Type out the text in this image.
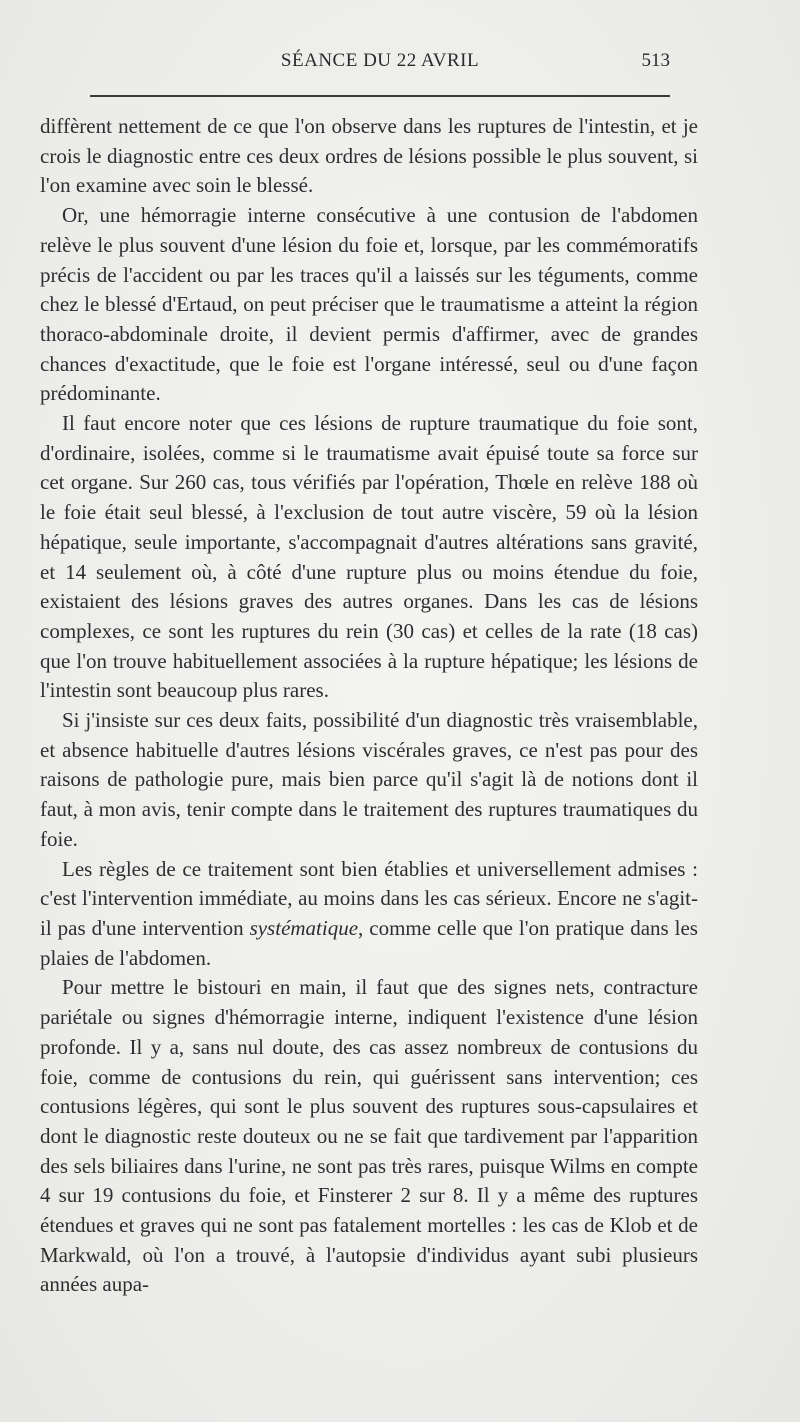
SÉANCE DU 22 AVRIL	513

diffèrent nettement de ce que l'on observe dans les ruptures de l'intestin, et je crois le diagnostic entre ces deux ordres de lésions possible le plus souvent, si l'on examine avec soin le blessé.

Or, une hémorragie interne consécutive à une contusion de l'abdomen relève le plus souvent d'une lésion du foie et, lorsque, par les commémoratifs précis de l'accident ou par les traces qu'il a laissés sur les téguments, comme chez le blessé d'Ertaud, on peut préciser que le traumatisme a atteint la région thoraco-abdominale droite, il devient permis d'affirmer, avec de grandes chances d'exactitude, que le foie est l'organe intéressé, seul ou d'une façon prédominante.

Il faut encore noter que ces lésions de rupture traumatique du foie sont, d'ordinaire, isolées, comme si le traumatisme avait épuisé toute sa force sur cet organe. Sur 260 cas, tous vérifiés par l'opération, Thœle en relève 188 où le foie était seul blessé, à l'exclusion de tout autre viscère, 59 où la lésion hépatique, seule importante, s'accompagnait d'autres altérations sans gravité, et 14 seulement où, à côté d'une rupture plus ou moins étendue du foie, existaient des lésions graves des autres organes. Dans les cas de lésions complexes, ce sont les ruptures du rein (30 cas) et celles de la rate (18 cas) que l'on trouve habituellement associées à la rupture hépatique; les lésions de l'intestin sont beaucoup plus rares.

Si j'insiste sur ces deux faits, possibilité d'un diagnostic très vraisemblable, et absence habituelle d'autres lésions viscérales graves, ce n'est pas pour des raisons de pathologie pure, mais bien parce qu'il s'agit là de notions dont il faut, à mon avis, tenir compte dans le traitement des ruptures traumatiques du foie.

Les règles de ce traitement sont bien établies et universellement admises : c'est l'intervention immédiate, au moins dans les cas sérieux. Encore ne s'agit-il pas d'une intervention systématique, comme celle que l'on pratique dans les plaies de l'abdomen.

Pour mettre le bistouri en main, il faut que des signes nets, contracture pariétale ou signes d'hémorragie interne, indiquent l'existence d'une lésion profonde. Il y a, sans nul doute, des cas assez nombreux de contusions du foie, comme de contusions du rein, qui guérissent sans intervention; ces contusions légères, qui sont le plus souvent des ruptures sous-capsulaires et dont le diagnostic reste douteux ou ne se fait que tardivement par l'apparition des sels biliaires dans l'urine, ne sont pas très rares, puisque Wilms en compte 4 sur 19 contusions du foie, et Finsterer 2 sur 8. Il y a même des ruptures étendues et graves qui ne sont pas fatalement mortelles : les cas de Klob et de Markwald, où l'on a trouvé, à l'autopsie d'individus ayant subi plusieurs années aupa-
